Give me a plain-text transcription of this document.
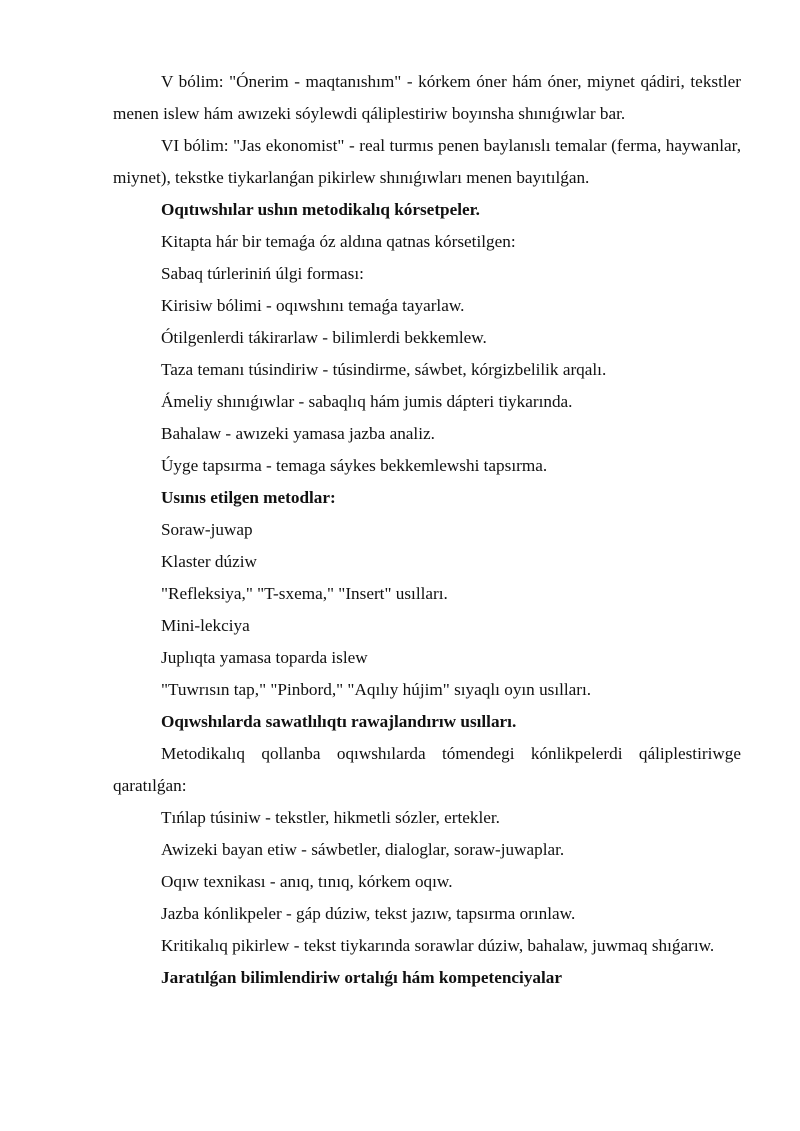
V bólim: "Ónerim - maqtanıshım" - kórkem óner hám óner, miynet qádiri, tekstler menen islew hám awızeki sóylewdi qáliplestiriw boyınsha shınıǵıwlar bar.

VI bólim: "Jas ekonomist" - real turmıs penen baylanıslı temalar (ferma, haywanlar, miynet), tekstke tiykarlanǵan pikirlew shınıǵıwları menen bayıtılǵan.

Oqıtıwshılar ushın metodikalıq kórsetpeler.

Kitapta hár bir temaǵa óz aldına qatnas kórsetilgen:

Sabaq túrleriniń úlgi forması:

Kirisiw bólimi - oqıwshını temaǵa tayarlaw.

Ótilgenlerdi tákirarlaw - bilimlerdi bekkemlew.

Taza temanı túsindiriw - túsindirme, sáwbet, kórgizbelilik arqalı.

Ámeliy shınıǵıwlar - sabaqlıq hám jumis dápteri tiykarında.

Bahalaw - awızeki yamasa jazba analiz.

Úyge tapsırma - temaga sáykes bekkemlewshi tapsırma.

Usınıs etilgen metodlar:

Soraw-juwap

Klaster dúziw

"Refleksiya," "T-sxema," "Insert" usılları.

Mini-lekciya

Juplıqta yamasa toparda islew

"Tuwrısın tap," "Pinbord," "Aqılıy hújim" sıyaqlı oyın usılları.

Oqıwshılarda sawatlılıqtı rawajlandırıw usılları.

Metodikalıq qollanba oqıwshılarda tómendegi kónlikpelerdi qáliplestiriwge qaratılǵan:

Tıńlap túsiniw - tekstler, hikmetli sózler, ertekler.

Awizeki bayan etiw - sáwbetler, dialoglar, soraw-juwaplar.

Oqıw texnikası - anıq, tınıq, kórkem oqıw.

Jazba kónlikpeler - gáp dúziw, tekst jazıw, tapsırma orınlaw.

Kritikalıq pikirlew - tekst tiykarında sorawlar dúziw, bahalaw, juwmaq shıǵarıw.

Jaratılǵan bilimlendiriw ortalıǵı hám kompetenciyalar
